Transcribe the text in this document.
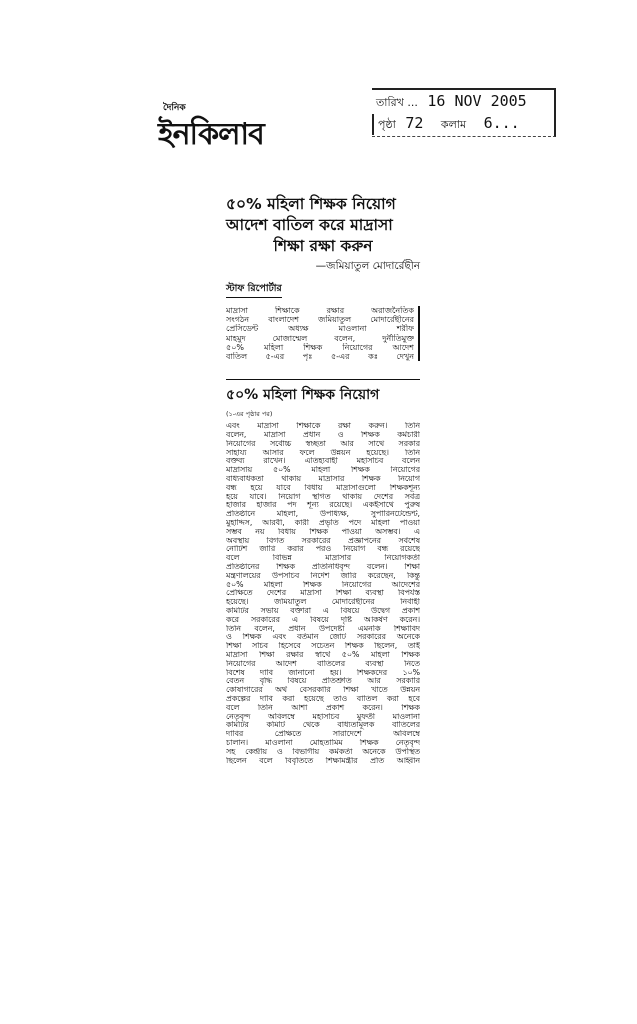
দৈনিক
ইনকিলাব
তারিখ ... 16 NOV 2005
পৃষ্ঠা 72 কলাম 6...
৫০% মহিলা শিক্ষক নিয়োগ
আদেশ বাতিল করে মাদ্রাসা
শিক্ষা রক্ষা করুন
—জমিয়াতুল মোদার্রেছীন
স্টাফ রিপোর্টার
মাদ্রাসা শিক্ষাকে রক্ষার অরাজনৈতিক
সংগঠন বাংলাদেশ জমিয়াতুল মোদার্রেছীনের
প্রেসিডেন্ট অধ্যক্ষ মাওলানা শরীফ
মাহমুদ মোজাম্মেল বলেন, দুর্নীতিমুক্ত
৫০% মহিলা শিক্ষক নিয়োগের আদেশ
বাতিল ৫-এর পৃঃ ৫-এর কঃ দেখুন
৫০% মহিলা শিক্ষক নিয়োগ
(১-এর পৃষ্ঠার পর)
এবং মাদ্রাসা শিক্ষাকে রক্ষা করুন। তিনি
বলেন, মাদ্রাসা প্রধান ও শিক্ষক কর্মচারী
নিয়োগের সর্বোচ্চ স্বচ্ছতা আর সাথে সরকার
সাহায্য আসার ফলে উন্নয়ন হয়েছে। তিনি
বক্তব্য রাখেন। এতিহ্যবাহী মহাসচিব বলেন
মাদ্রাসায় ৫০% মহিলা শিক্ষক নিয়োগের
বাধ্যবাধকতা থাকায় মাদ্রাসার শিক্ষক নিয়োগ
বন্ধ হয়ে যাবে বিধায় মাদ্রাসাগুলো শিক্ষকশূন্য
হয়ে যাবে। নিয়োগ স্থগিত থাকায় দেশের সর্বত্র
হাজার হাজার পদ শূন্য রয়েছে। একইসাথে পুরুষ
প্রতিষ্ঠানে মহিলা, উপাধ্যক্ষ, সুপারিনটেন্ডেন্ট,
মুহাদ্দিস, আরবী, কারী প্রভৃতি পদে মহিলা পাওয়া
সম্ভব নয় বিধায় শিক্ষক পাওয়া অসম্ভব। এ
অবস্থায় বিগত সরকারের প্রজ্ঞাপনের সর্বশেষ
নোটিশ জারি করার পরও নিয়োগ বন্ধ রয়েছে
বলে বিভিন্ন মাদ্রাসার নিয়োগকর্তা
প্রতিষ্ঠানের শিক্ষক প্রতিনিধিবৃন্দ বলেন। শিক্ষা
মন্ত্রণালয়ের উপসচিব নির্দেশ জারি করেছেন, কিন্তু
৫০% মহিলা শিক্ষক নিয়োগের আদেশের
প্রেক্ষিতে দেশের মাদ্রাসা শিক্ষা ব্যবস্থা বিপর্যস্ত
হয়েছে। জমিয়াতুল মোদার্রেছীনের নির্বাহী
কমিটির সভায় বক্তারা এ বিষয়ে উদ্বেগ প্রকাশ
করে সরকারের এ বিষয়ে দৃষ্টি আকর্ষণ করেন।
তিনি বলেন, প্রধান উপদেষ্টা এমনকি শিক্ষাবিদ
ও শিক্ষক এবং বর্তমান জোট সরকারের অনেকে
শিক্ষা সচিব হিসেবে সচেতন শিক্ষক ছিলেন, তাই
মাদ্রাসা শিক্ষা রক্ষার স্বার্থে ৫০% মহিলা শিক্ষক
নিয়োগের আদেশ বাতিলের ব্যবস্থা নিতে
বিশেষ দাবি জানানো হয়। শিক্ষকদের ১০%
বেতন বৃদ্ধি বিষয়ে প্রতিশ্রুতি আর সরকারি
কোষাগারের অর্থ বেসরকারি শিক্ষা খাতে উন্নয়ন
প্রকল্পের দাবি করা হয়েছে তাও বাতিল করা হবে
বলে তিনি আশা প্রকাশ করেন। শিক্ষক
নেতৃবৃন্দ অবিলম্বে মহাসচিব মুফতী মাওলানা
কমিটির কমিটি থেকে বাধ্যতামূলক বাতিলের
দাবির প্রেক্ষিতে সারাদেশে অবিলম্বে
চালান। মাওলানা মোহতামিম শিক্ষক নেতৃবৃন্দ
সহ কেন্দ্রীয় ও বিভাগীয় কর্মকর্তা অনেকে উপস্থিত
ছিলেন বলে বিবৃতিতে শিক্ষামন্ত্রীর প্রতি আহ্বান
